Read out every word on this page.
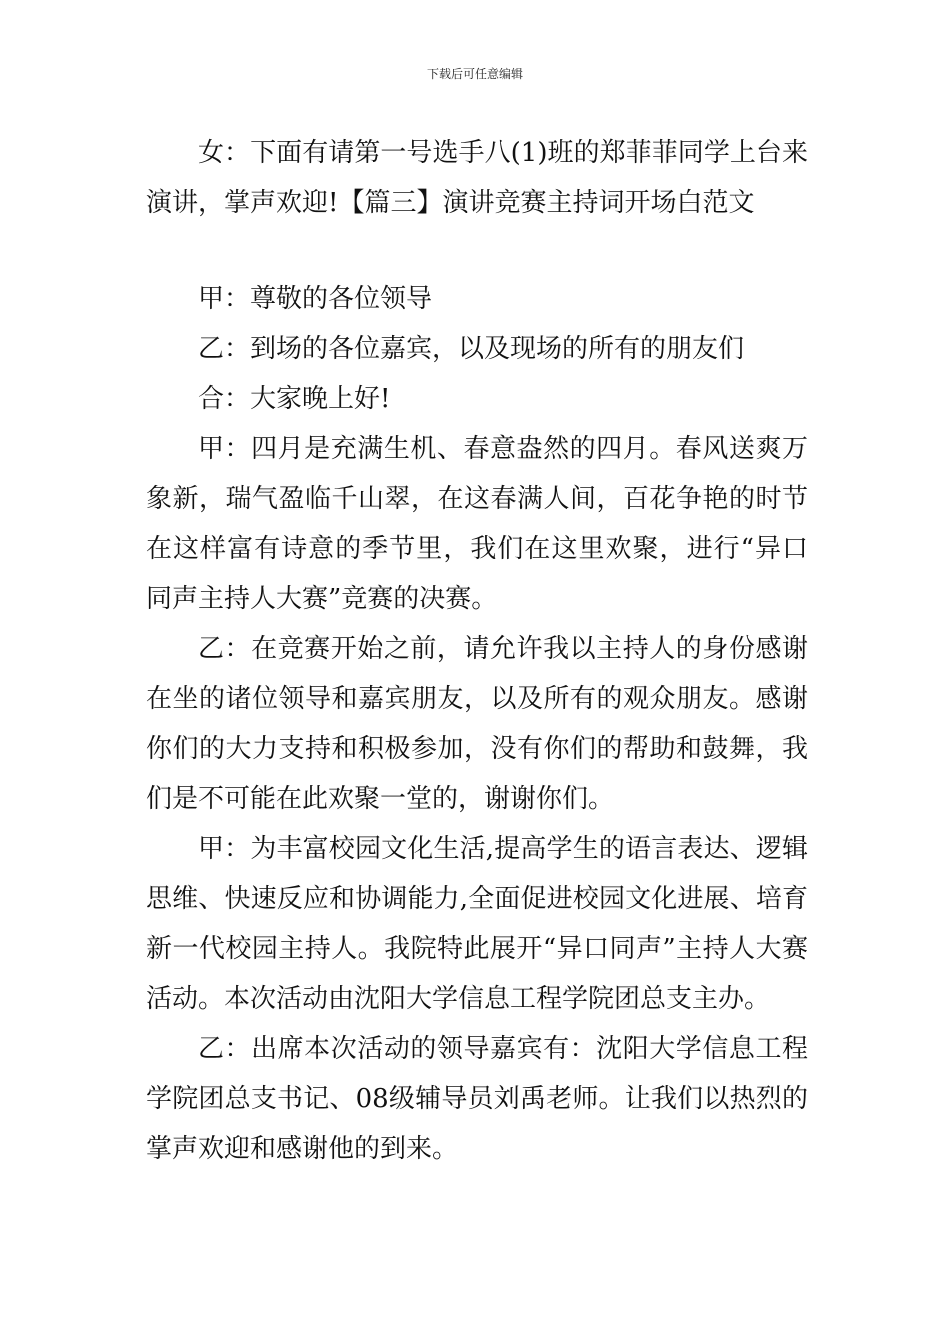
下载后可任意编辑

女：下面有请第一号选手八(1)班的郑菲菲同学上台来演讲，掌声欢迎!【篇三】演讲竞赛主持词开场白范文

甲：尊敬的各位领导

乙：到场的各位嘉宾，以及现场的所有的朋友们

合：大家晚上好!

甲：四月是充满生机、春意盎然的四月。春风送爽万象新，瑞气盈临千山翠，在这春满人间，百花争艳的时节在这样富有诗意的季节里，我们在这里欢聚，进行“异口同声主持人大赛”竞赛的决赛。

乙：在竞赛开始之前，请允许我以主持人的身份感谢在坐的诸位领导和嘉宾朋友，以及所有的观众朋友。感谢你们的大力支持和积极参加，没有你们的帮助和鼓舞，我们是不可能在此欢聚一堂的，谢谢你们。

甲：为丰富校园文化生活,提高学生的语言表达、逻辑思维、快速反应和协调能力,全面促进校园文化进展、培育新一代校园主持人。我院特此展开“异口同声”主持人大赛活动。本次活动由沈阳大学信息工程学院团总支主办。

乙：出席本次活动的领导嘉宾有：沈阳大学信息工程学院团总支书记、08级辅导员刘禹老师。让我们以热烈的掌声欢迎和感谢他的到来。
